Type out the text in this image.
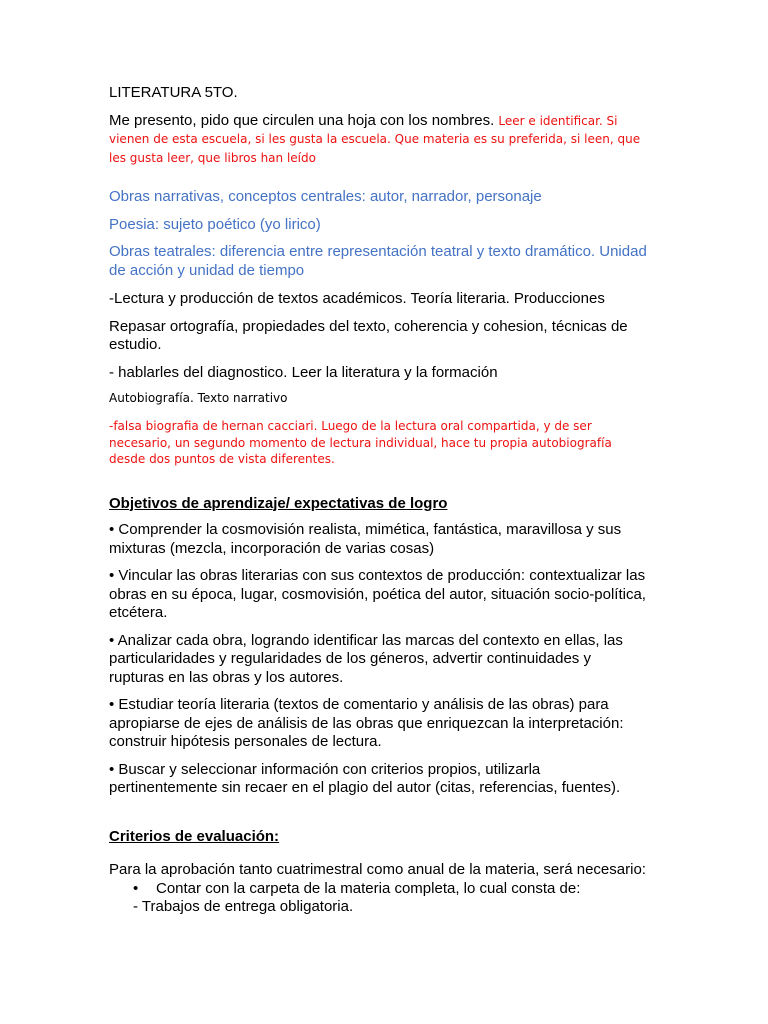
LITERATURA 5TO.

Me presento, pido que circulen una hoja con los nombres. Leer e identificar. Si vienen de esta escuela, si les gusta la escuela. Que materia es su preferida, si leen, que les gusta leer, que libros han leído

Obras narrativas, conceptos centrales: autor, narrador, personaje

Poesia: sujeto poético (yo lirico)

Obras teatrales: diferencia entre representación teatral y texto dramático. Unidad de acción y unidad de tiempo

-Lectura y producción de textos académicos. Teoría literaria. Producciones

Repasar ortografía, propiedades del texto, coherencia y cohesion, técnicas de estudio.

- hablarles del diagnostico. Leer la literatura y la formación

Autobiografía. Texto narrativo

-falsa biografia de hernan cacciari. Luego de la lectura oral compartida, y de ser necesario, un segundo momento de lectura individual, hace tu propia autobiografía desde dos puntos de vista diferentes.

Objetivos de aprendizaje/ expectativas de logro

• Comprender la cosmovisión realista, mimética, fantástica, maravillosa y sus mixturas (mezcla, incorporación de varias cosas)

• Vincular las obras literarias con sus contextos de producción: contextualizar las obras en su época, lugar, cosmovisión, poética del autor, situación socio-política, etcétera.

• Analizar cada obra, logrando identificar las marcas del contexto en ellas, las particularidades y regularidades de los géneros, advertir continuidades y rupturas en las obras y los autores.

• Estudiar teoría literaria (textos de comentario y análisis de las obras) para apropiarse de ejes de análisis de las obras que enriquezcan la interpretación: construir hipótesis personales de lectura.

• Buscar y seleccionar información con criterios propios, utilizarla pertinentemente sin recaer en el plagio del autor (citas, referencias, fuentes).

Criterios de evaluación:

Para la aprobación tanto cuatrimestral como anual de la materia, será necesario:

• Contar con la carpeta de la materia completa, lo cual consta de:

- Trabajos de entrega obligatoria.
